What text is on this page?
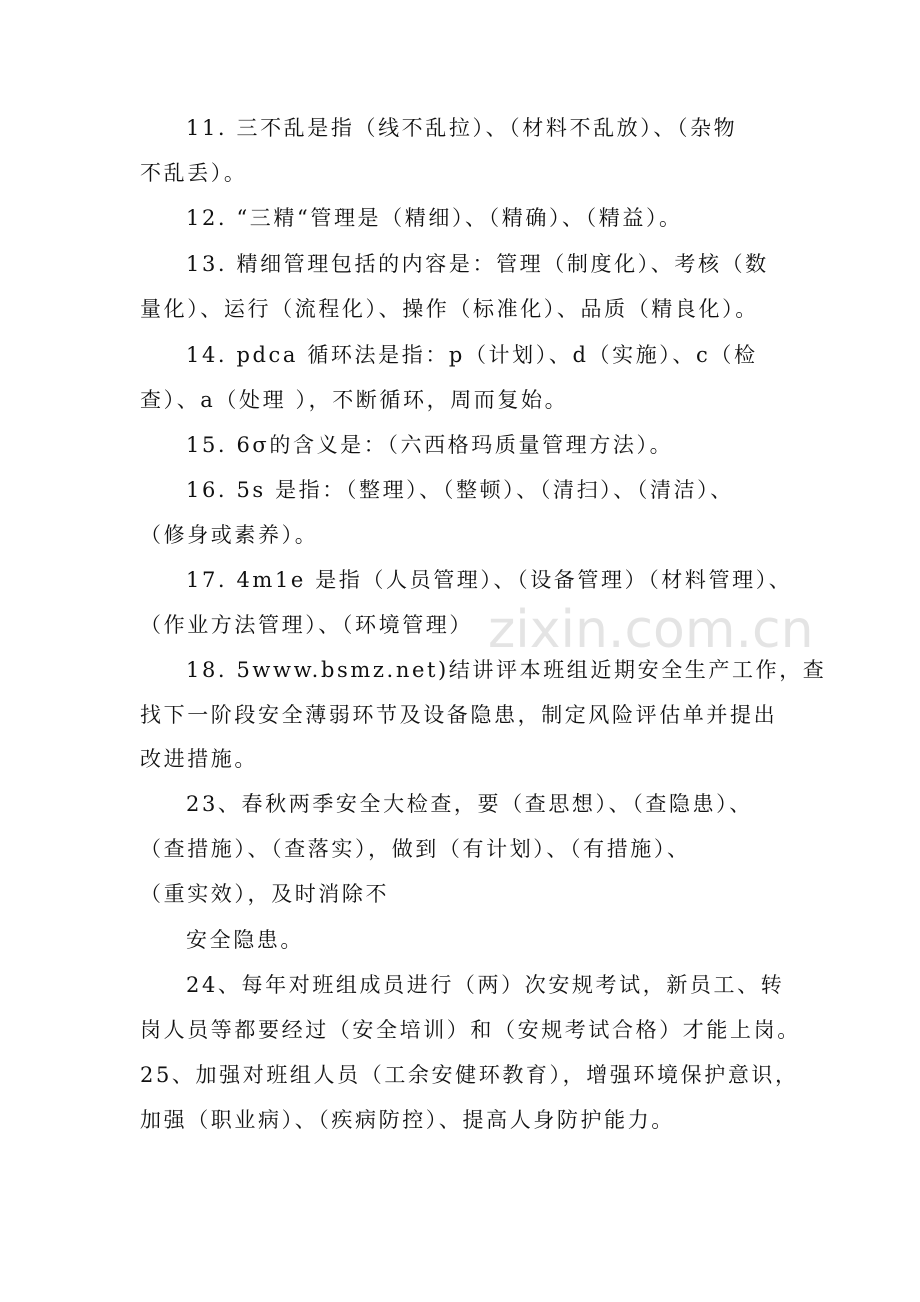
11. 三不乱是指（线不乱拉）、（材料不乱放）、（杂物
不乱丢）。
12. “三精“管理是（精细）、（精确）、（精益）。
13. 精细管理包括的内容是：管理（制度化）、考核（数
量化）、运行（流程化）、操作（标准化）、品质（精良化）。
14. pdca 循环法是指：p（计划）、d（实施）、c（检
查）、a（处理 ），不断循环，周而复始。
15. 6σ的含义是：（六西格玛质量管理方法）。
16. 5s 是指：（整理）、（整顿）、（清扫）、（清洁）、
（修身或素养）。
17. 4m1e 是指（人员管理）、（设备管理）（材料管理）、
（作业方法管理）、（环境管理）
18. 5www.bsmz.net)结讲评本班组近期安全生产工作，查
找下一阶段安全薄弱环节及设备隐患，制定风险评估单并提出
改进措施。
23、春秋两季安全大检查，要（查思想）、（查隐患）、
（查措施）、（查落实），做到（有计划）、（有措施）、
（重实效），及时消除不
安全隐患。
24、每年对班组成员进行（两）次安规考试，新员工、转
岗人员等都要经过（安全培训）和（安规考试合格）才能上岗。
25、加强对班组人员（工余安健环教育），增强环境保护意识，
加强（职业病）、（疾病防控）、提高人身防护能力。
zixin.com.cn
